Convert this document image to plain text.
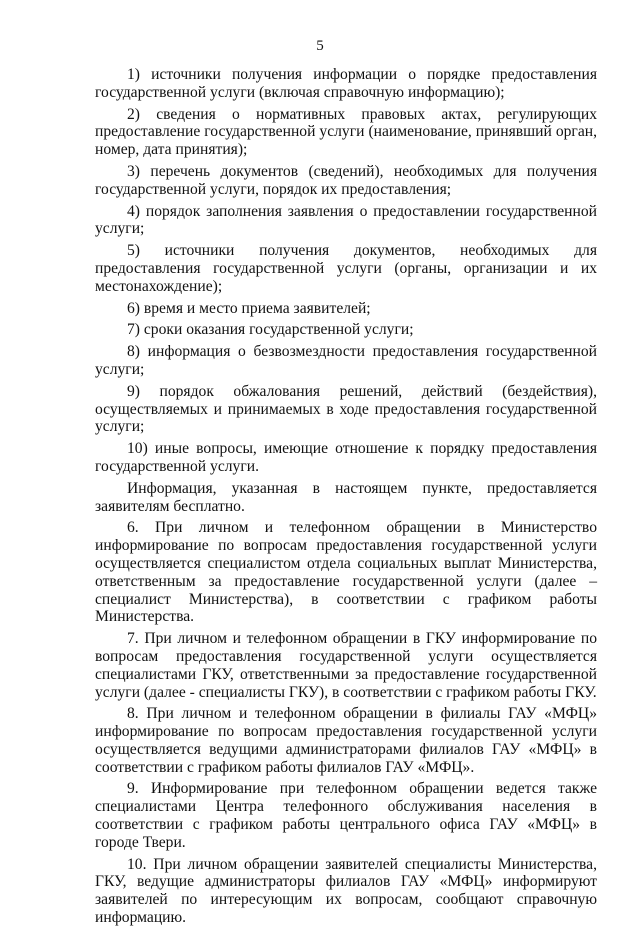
5

1) источники получения информации о порядке предоставления государственной услуги (включая справочную информацию);

2) сведения о нормативных правовых актах, регулирующих предоставление государственной услуги (наименование, принявший орган, номер, дата принятия);

3) перечень документов (сведений), необходимых для получения государственной услуги, порядок их предоставления;

4) порядок заполнения заявления о предоставлении государственной услуги;

5) источники получения документов, необходимых для предоставления государственной услуги (органы, организации и их местонахождение);

6) время и место приема заявителей;

7) сроки оказания государственной услуги;

8) информация о безвозмездности предоставления государственной услуги;

9) порядок обжалования решений, действий (бездействия), осуществляемых и принимаемых в ходе предоставления государственной услуги;

10) иные вопросы, имеющие отношение к порядку предоставления государственной услуги.

Информация, указанная в настоящем пункте, предоставляется заявителям бесплатно.

6. При личном и телефонном обращении в Министерство информирование по вопросам предоставления государственной услуги осуществляется специалистом отдела социальных выплат Министерства, ответственным за предоставление государственной услуги (далее – специалист Министерства), в соответствии с графиком работы Министерства.

7. При личном и телефонном обращении в ГКУ информирование по вопросам предоставления государственной услуги осуществляется специалистами ГКУ, ответственными за предоставление государственной услуги (далее - специалисты ГКУ), в соответствии с графиком работы ГКУ.

8. При личном и телефонном обращении в филиалы ГАУ «МФЦ» информирование по вопросам предоставления государственной услуги осуществляется ведущими администраторами филиалов ГАУ «МФЦ» в соответствии с графиком работы филиалов ГАУ «МФЦ».

9. Информирование при телефонном обращении ведется также специалистами Центра телефонного обслуживания населения в соответствии с графиком работы центрального офиса ГАУ «МФЦ» в городе Твери.

10. При личном обращении заявителей специалисты Министерства, ГКУ, ведущие администраторы филиалов ГАУ «МФЦ» информируют заявителей по интересующим их вопросам, сообщают справочную информацию.
